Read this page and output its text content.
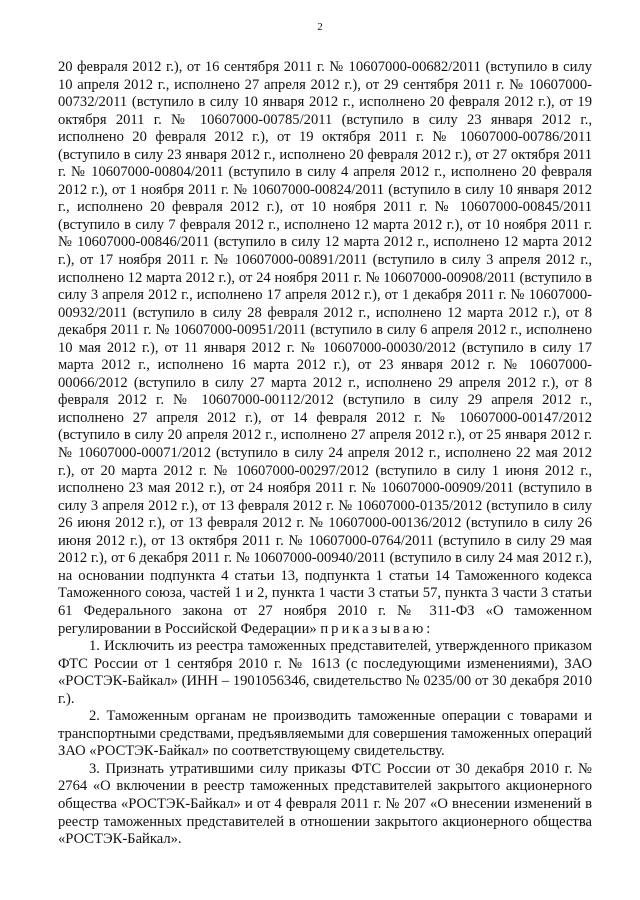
2

20 февраля 2012 г.), от 16 сентября 2011 г. № 10607000-00682/2011 (вступило в силу 10 апреля 2012 г., исполнено 27 апреля 2012 г.), от 29 сентября 2011 г. № 10607000-00732/2011 (вступило в силу 10 января 2012 г., исполнено 20 февраля 2012 г.), от 19 октября 2011 г. № 10607000-00785/2011 (вступило в силу 23 января 2012 г., исполнено 20 февраля 2012 г.), от 19 октября 2011 г. № 10607000-00786/2011 (вступило в силу 23 января 2012 г., исполнено 20 февраля 2012 г.), от 27 октября 2011 г. № 10607000-00804/2011 (вступило в силу 4 апреля 2012 г., исполнено 20 февраля 2012 г.), от 1 ноября 2011 г. № 10607000-00824/2011 (вступило в силу 10 января 2012 г., исполнено 20 февраля 2012 г.), от 10 ноября 2011 г. № 10607000-00845/2011 (вступило в силу 7 февраля 2012 г., исполнено 12 марта 2012 г.), от 10 ноября 2011 г. № 10607000-00846/2011 (вступило в силу 12 марта 2012 г., исполнено 12 марта 2012 г.), от 17 ноября 2011 г. № 10607000-00891/2011 (вступило в силу 3 апреля 2012 г., исполнено 12 марта 2012 г.), от 24 ноября 2011 г. № 10607000-00908/2011 (вступило в силу 3 апреля 2012 г., исполнено 17 апреля 2012 г.), от 1 декабря 2011 г. № 10607000-00932/2011 (вступило в силу 28 февраля 2012 г., исполнено 12 марта 2012 г.), от 8 декабря 2011 г. № 10607000-00951/2011 (вступило в силу 6 апреля 2012 г., исполнено 10 мая 2012 г.), от 11 января 2012 г. № 10607000-00030/2012 (вступило в силу 17 марта 2012 г., исполнено 16 марта 2012 г.), от 23 января 2012 г. № 10607000-00066/2012 (вступило в силу 27 марта 2012 г., исполнено 29 апреля 2012 г.), от 8 февраля 2012 г. № 10607000-00112/2012 (вступило в силу 29 апреля 2012 г., исполнено 27 апреля 2012 г.), от 14 февраля 2012 г. № 10607000-00147/2012 (вступило в силу 20 апреля 2012 г., исполнено 27 апреля 2012 г.), от 25 января 2012 г. № 10607000-00071/2012 (вступило в силу 24 апреля 2012 г., исполнено 22 мая 2012 г.), от 20 марта 2012 г. № 10607000-00297/2012 (вступило в силу 1 июня 2012 г., исполнено 23 мая 2012 г.), от 24 ноября 2011 г. № 10607000-00909/2011 (вступило в силу 3 апреля 2012 г.), от 13 февраля 2012 г. № 10607000-0135/2012 (вступило в силу 26 июня 2012 г.), от 13 февраля 2012 г. № 10607000-00136/2012 (вступило в силу 26 июня 2012 г.), от 13 октября 2011 г. № 10607000-0764/2011 (вступило в силу 29 мая 2012 г.), от 6 декабря 2011 г. № 10607000-00940/2011 (вступило в силу 24 мая 2012 г.), на основании подпункта 4 статьи 13, подпункта 1 статьи 14 Таможенного кодекса Таможенного союза, частей 1 и 2, пункта 1 части 3 статьи 57, пункта 3 части 3 статьи 61 Федерального закона от 27 ноября 2010 г. № 311-ФЗ «О таможенном регулировании в Российской Федерации» приказываю:

1. Исключить из реестра таможенных представителей, утвержденного приказом ФТС России от 1 сентября 2010 г. № 1613 (с последующими изменениями), ЗАО «РОСТЭК-Байкал» (ИНН – 1901056346, свидетельство № 0235/00 от 30 декабря 2010 г.).

2. Таможенным органам не производить таможенные операции с товарами и транспортными средствами, предъявляемыми для совершения таможенных операций ЗАО «РОСТЭК-Байкал» по соответствующему свидетельству.

3. Признать утратившими силу приказы ФТС России от 30 декабря 2010 г. № 2764 «О включении в реестр таможенных представителей закрытого акционерного общества «РОСТЭК-Байкал» и от 4 февраля 2011 г. № 207 «О внесении изменений в реестр таможенных представителей в отношении закрытого акционерного общества «РОСТЭК-Байкал».
